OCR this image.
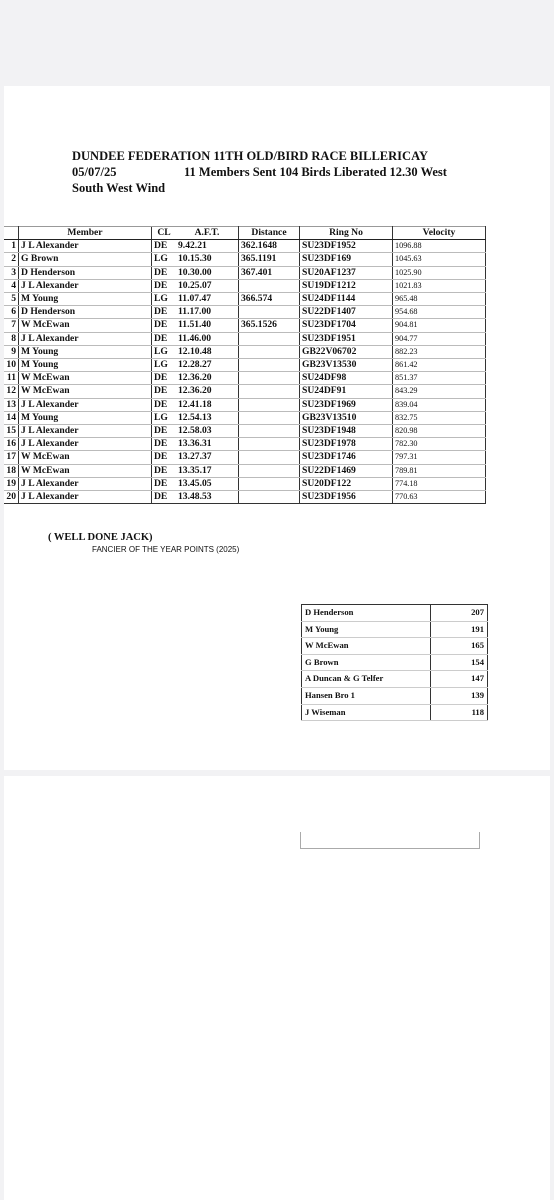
DUNDEE FEDERATION 11TH OLD/BIRD RACE BILLERICAY
05/07/25	11 Members Sent 104 Birds Liberated 12.30 West
South West Wind
	Member	CL	A.F.T.	Distance	Ring No	Velocity
1	J L Alexander	DE	9.42.21	362.1648	SU23DF1952	1096.88
2	G Brown	LG	10.15.30	365.1191	SU23DF169	1045.63
3	D Henderson	DE	10.30.00	367.401	SU20AF1237	1025.90
4	J L Alexander	DE	10.25.07		SU19DF1212	1021.83
5	M Young	LG	11.07.47	366.574	SU24DF1144	965.48
6	D Henderson	DE	11.17.00		SU22DF1407	954.68
7	W McEwan	DE	11.51.40	365.1526	SU23DF1704	904.81
8	J L Alexander	DE	11.46.00		SU23DF1951	904.77
9	M Young	LG	12.10.48		GB22V06702	882.23
10	M Young	LG	12.28.27		GB23V13530	861.42
11	W McEwan	DE	12.36.20		SU24DF98	851.37
12	W McEwan	DE	12.36.20		SU24DF91	843.29
13	J L Alexander	DE	12.41.18		SU23DF1969	839.04
14	M Young	LG	12.54.13		GB23V13510	832.75
15	J L Alexander	DE	12.58.03		SU23DF1948	820.98
16	J L Alexander	DE	13.36.31		SU23DF1978	782.30
17	W McEwan	DE	13.27.37		SU23DF1746	797.31
18	W McEwan	DE	13.35.17		SU22DF1469	789.81
19	J L Alexander	DE	13.45.05		SU20DF122	774.18
20	J L Alexander	DE	13.48.53		SU23DF1956	770.63
( WELL DONE JACK)
FANCIER OF THE YEAR POINTS (2025)
D Henderson	207
M Young	191
W McEwan	165
G Brown	154
A Duncan & G Telfer	147
Hansen Bro 1	139
J Wiseman	118
